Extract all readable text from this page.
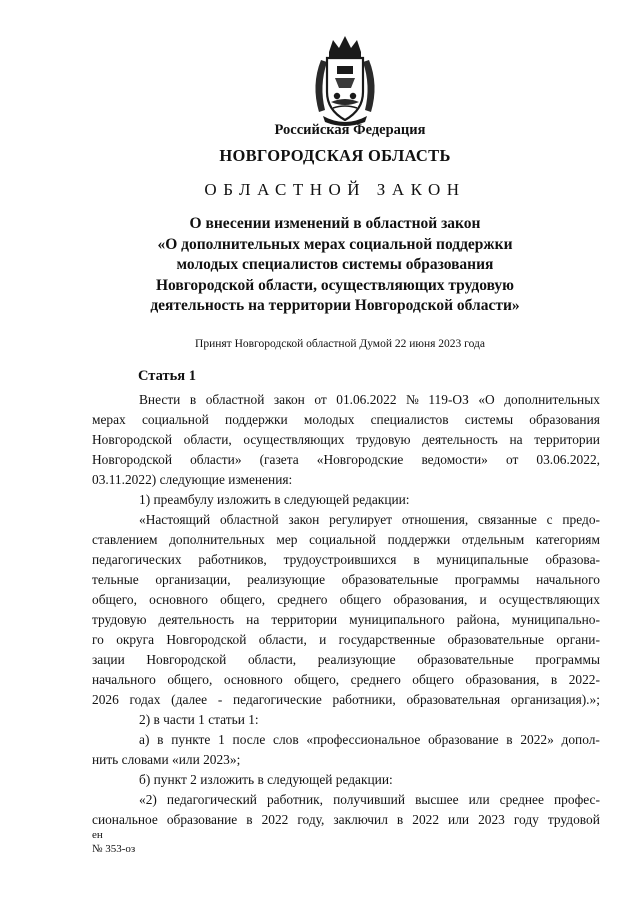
Российская Федерация
НОВГОРОДСКАЯ ОБЛАСТЬ
ОБЛАСТНОЙ ЗАКОН
О внесении изменений в областной закон
«О дополнительных мерах социальной поддержки
молодых специалистов системы образования
Новгородской области, осуществляющих трудовую
деятельность на территории Новгородской области»
Принят Новгородской областной Думой 22 июня 2023 года
Статья 1
Внести в областной закон от 01.06.2022 № 119-ОЗ «О дополнительных
мерах социальной поддержки молодых специалистов системы образования
Новгородской области, осуществляющих трудовую деятельность на территории
Новгородской области» (газета «Новгородские ведомости» от 03.06.2022,
03.11.2022) следующие изменения:
1) преамбулу изложить в следующей редакции:
«Настоящий областной закон регулирует отношения, связанные с предо-
ставлением дополнительных мер социальной поддержки отдельным категориям
педагогических работников, трудоустроившихся в муниципальные образова-
тельные организации, реализующие образовательные программы начального
общего, основного общего, среднего общего образования, и осуществляющих
трудовую деятельность на территории муниципального района, муниципально-
го округа Новгородской области, и государственные образовательные органи-
зации Новгородской области, реализующие образовательные программы
начального общего, основного общего, среднего общего образования, в 2022-
2026 годах (далее - педагогические работники, образовательная организация).»;
2) в части 1 статьи 1:
а) в пункте 1 после слов «профессиональное образование в 2022» допол-
нить словами «или 2023»;
б) пункт 2 изложить в следующей редакции:
«2) педагогический работник, получивший высшее или среднее профес-
сиональное образование в 2022 году, заключил в 2022 или 2023 году трудовой
ен
№ 353-оз
